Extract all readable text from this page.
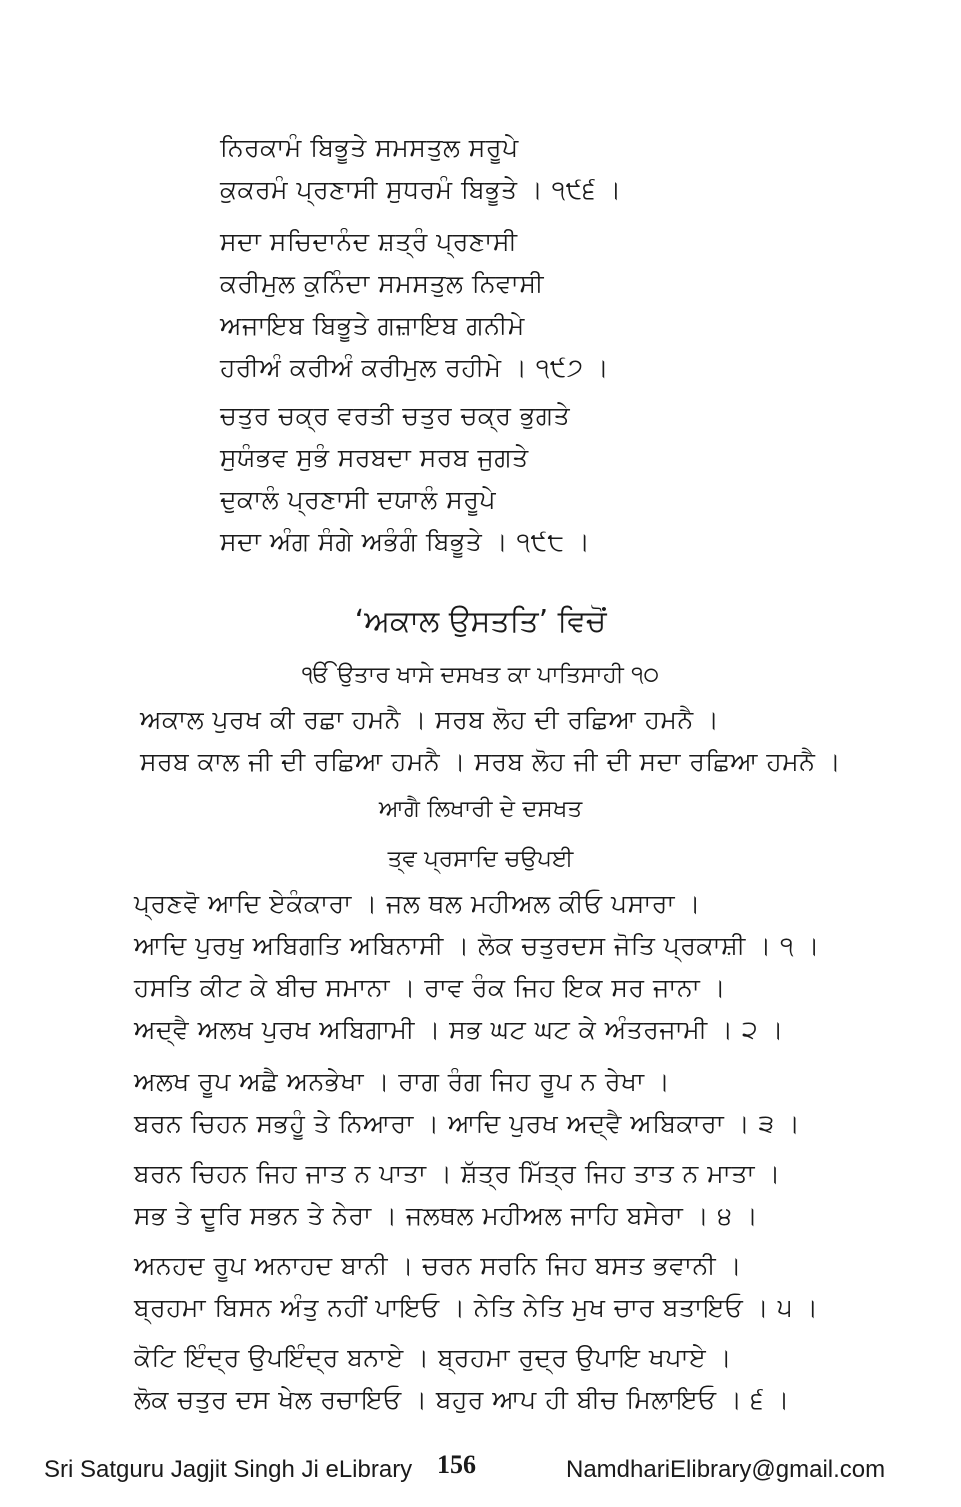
ਨਿਰਕਾਮੰ ਬਿਭੂਤੇ ਸਮਸਤੁਲ ਸਰੂਪੇ
ਕੁਕਰਮੰ ਪ੍ਰਣਾਸੀ ਸੁਧਰਮੰ ਬਿਭੂਤੇ । ੧੯੬ ।
ਸਦਾ ਸਚਿਦਾਨੰਦ ਸ਼ਤ੍ਰੰ ਪ੍ਰਣਾਸੀ
ਕਰੀਮੁਲ ਕੁਨਿੰਦਾ ਸਮਸਤੁਲ ਨਿਵਾਸੀ
ਅਜਾਇਬ ਬਿਭੂਤੇ ਗਜ਼ਾਇਬ ਗਨੀਮੇ
ਹਰੀਅੰ ਕਰੀਅੰ ਕਰੀਮੁਲ ਰਹੀਮੇ । ੧੯੭ ।
ਚਤੁਰ ਚਕ੍ਰ ਵਰਤੀ ਚਤੁਰ ਚਕ੍ਰ ਭੁਗਤੇ
ਸੁਯੰਭਵ ਸੁਭੰ ਸਰਬਦਾ ਸਰਬ ਜੁਗਤੇ
ਦੁਕਾਲੰ ਪ੍ਰਣਾਸੀ ਦਯਾਲੰ ਸਰੂਪੇ
ਸਦਾ ਅੰਗ ਸੰਗੇ ਅਭੰਗੰ ਬਿਭੂਤੇ । ੧੯੮ ।
‘ਅਕਾਲ ਉਸਤਤਿ’ ਵਿਚੋਂ
ੴ ਉਤਾਰ ਖਾਸੇ ਦਸਖਤ ਕਾ ਪਾਤਿਸਾਹੀ ੧੦
ਅਕਾਲ ਪੁਰਖ ਕੀ ਰਛਾ ਹਮਨੈ । ਸਰਬ ਲੋਹ ਦੀ ਰਛਿਆ ਹਮਨੈ ।
ਸਰਬ ਕਾਲ ਜੀ ਦੀ ਰਛਿਆ ਹਮਨੈ । ਸਰਬ ਲੋਹ ਜੀ ਦੀ ਸਦਾ ਰਛਿਆ ਹਮਨੈ ।
ਆਗੈ ਲਿਖਾਰੀ ਦੇ ਦਸਖਤ
ਤ੍ਵ ਪ੍ਰਸਾਦਿ ਚਉਪਈ
ਪ੍ਰਣਵੋ ਆਦਿ ਏਕੰਕਾਰਾ । ਜਲ ਥਲ ਮਹੀਅਲ ਕੀਓ ਪਸਾਰਾ ।
ਆਦਿ ਪੁਰਖੁ ਅਬਿਗਤਿ ਅਬਿਨਾਸੀ । ਲੋਕ ਚਤੁਰਦਸ ਜੋਤਿ ਪ੍ਰਕਾਸ਼ੀ । ੧ ।
ਹਸਤਿ ਕੀਟ ਕੇ ਬੀਚ ਸਮਾਨਾ । ਰਾਵ ਰੰਕ ਜਿਹ ਇਕ ਸਰ ਜਾਨਾ ।
ਅਦ੍ਵੈ ਅਲਖ ਪੁਰਖ ਅਬਿਗਾਮੀ । ਸਭ ਘਟ ਘਟ ਕੇ ਅੰਤਰਜਾਮੀ । ੨ ।
ਅਲਖ ਰੂਪ ਅਛੈ ਅਨਭੇਖਾ । ਰਾਗ ਰੰਗ ਜਿਹ ਰੂਪ ਨ ਰੇਖਾ ।
ਬਰਨ ਚਿਹਨ ਸਭਹੂੰ ਤੇ ਨਿਆਰਾ । ਆਦਿ ਪੁਰਖ ਅਦ੍ਵੈ ਅਬਿਕਾਰਾ । ੩ ।
ਬਰਨ ਚਿਹਨ ਜਿਹ ਜਾਤ ਨ ਪਾਤਾ । ਸ਼ੱਤ੍ਰ ਮਿੱਤ੍ਰ ਜਿਹ ਤਾਤ ਨ ਮਾਤਾ ।
ਸਭ ਤੇ ਦੂਰਿ ਸਭਨ ਤੇ ਨੇਰਾ । ਜਲਥਲ ਮਹੀਅਲ ਜਾਹਿ ਬਸੇਰਾ । ੪ ।
ਅਨਹਦ ਰੂਪ ਅਨਾਹਦ ਬਾਨੀ । ਚਰਨ ਸਰਨਿ ਜਿਹ ਬਸਤ ਭਵਾਨੀ ।
ਬ੍ਰਹਮਾ ਬਿਸਨ ਅੰਤੁ ਨਹੀਂ ਪਾਇਓ । ਨੇਤਿ ਨੇਤਿ ਮੁਖ ਚਾਰ ਬਤਾਇਓ । ੫ ।
ਕੋਟਿ ਇੰਦ੍ਰ ਉਪਇੰਦ੍ਰ ਬਨਾਏ । ਬ੍ਰਹਮਾ ਰੁਦ੍ਰ ਉਪਾਇ ਖਪਾਏ ।
ਲੋਕ ਚਤੁਰ ਦਸ ਖੇਲ ਰਚਾਇਓ । ਬਹੁਰ ਆਪ ਹੀ ਬੀਚ ਮਿਲਾਇਓ । ੬ ।
Sri Satguru Jagjit Singh Ji eLibrary 156	NamdhariElibrary@gmail.com
